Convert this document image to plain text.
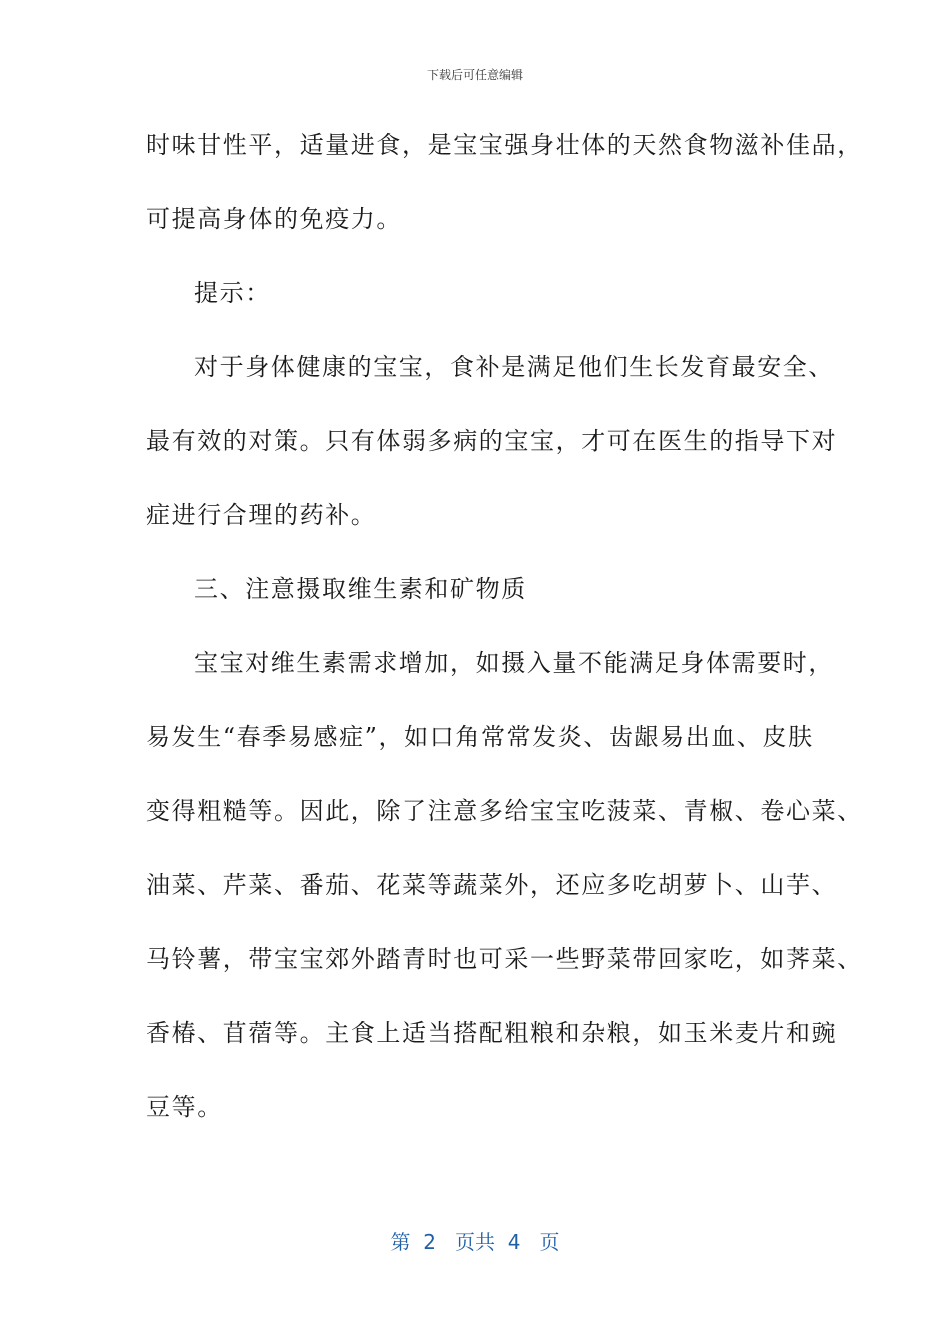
下载后可任意编辑
时味甘性平，适量进食，是宝宝强身壮体的天然食物滋补佳品，
可提高身体的免疫力。
提示：
对于身体健康的宝宝，食补是满足他们生长发育最安全、
最有效的对策。只有体弱多病的宝宝，才可在医生的指导下对
症进行合理的药补。
三、注意摄取维生素和矿物质
宝宝对维生素需求增加，如摄入量不能满足身体需要时，
易发生“春季易感症”，如口角常常发炎、齿龈易出血、皮肤
变得粗糙等。因此，除了注意多给宝宝吃菠菜、青椒、卷心菜、
油菜、芹菜、番茄、花菜等蔬菜外，还应多吃胡萝卜、山芋、
马铃薯，带宝宝郊外踏青时也可采一些野菜带回家吃，如荠菜、
香椿、苜蓿等。主食上适当搭配粗粮和杂粮，如玉米麦片和豌
豆等。
第  2   页共  4   页
